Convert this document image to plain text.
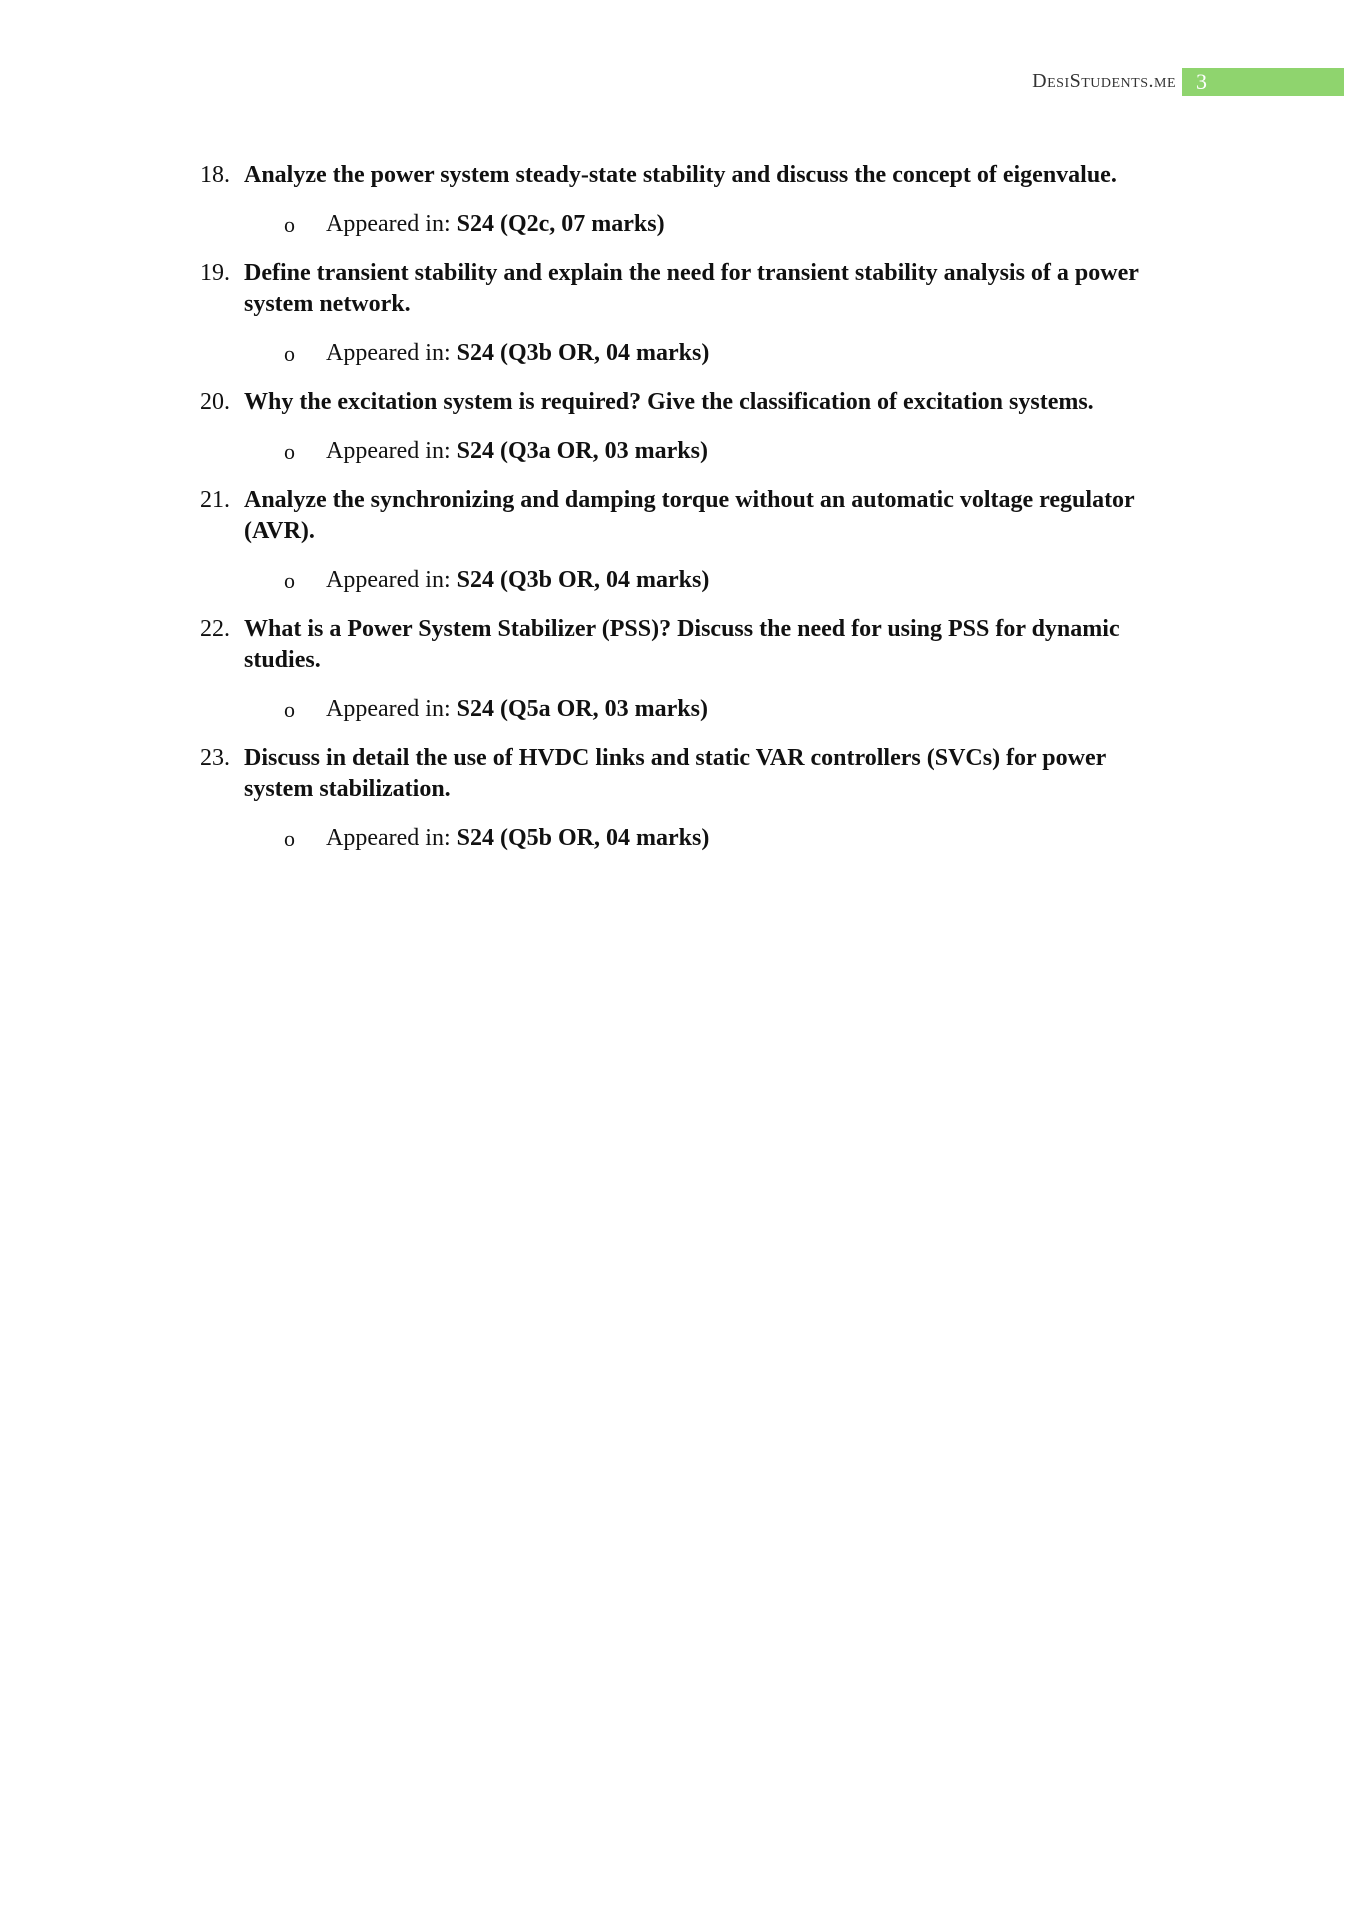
DesiStudents.me 3
18. Analyze the power system steady-state stability and discuss the concept of eigenvalue.
o Appeared in: S24 (Q2c, 07 marks)
19. Define transient stability and explain the need for transient stability analysis of a power system network.
o Appeared in: S24 (Q3b OR, 04 marks)
20. Why the excitation system is required? Give the classification of excitation systems.
o Appeared in: S24 (Q3a OR, 03 marks)
21. Analyze the synchronizing and damping torque without an automatic voltage regulator (AVR).
o Appeared in: S24 (Q3b OR, 04 marks)
22. What is a Power System Stabilizer (PSS)? Discuss the need for using PSS for dynamic studies.
o Appeared in: S24 (Q5a OR, 03 marks)
23. Discuss in detail the use of HVDC links and static VAR controllers (SVCs) for power system stabilization.
o Appeared in: S24 (Q5b OR, 04 marks)
